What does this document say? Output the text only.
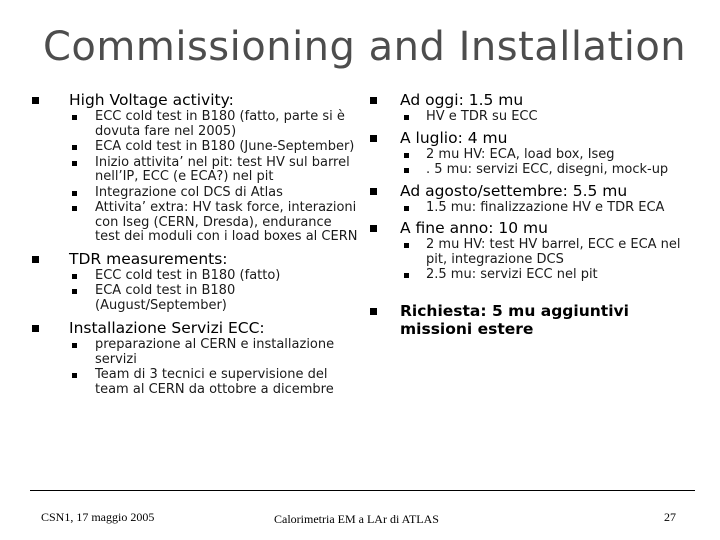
Commissioning and Installation
High Voltage activity:
ECC cold test in B180 (fatto, parte si è dovuta fare nel 2005)
ECA cold test in B180 (June-September)
Inizio attivita’ nel pit: test HV sul barrel nell’IP, ECC (e ECA?) nel pit
Integrazione col DCS di Atlas
Attivita’ extra: HV task force, interazioni con Iseg (CERN, Dresda), endurance test dei moduli con i load boxes al CERN
TDR measurements:
ECC cold test in B180 (fatto)
ECA cold test in B180 (August/September)
Installazione Servizi ECC:
preparazione al CERN e installazione servizi
Team di 3 tecnici e supervisione del team al CERN da ottobre a dicembre
Ad oggi: 1.5 mu
HV e TDR su ECC
A luglio: 4 mu
2 mu HV: ECA, load box, Iseg
. 5 mu: servizi ECC, disegni, mock-up
Ad agosto/settembre: 5.5 mu
1.5 mu: finalizzazione HV e TDR ECA
A fine anno: 10 mu
2 mu HV: test HV barrel, ECC e ECA nel pit, integrazione DCS
2.5 mu: servizi ECC nel pit
Richiesta: 5 mu aggiuntivi missioni estere
CSN1, 17 maggio 2005	Calorimetria EM a LAr di ATLAS	27
